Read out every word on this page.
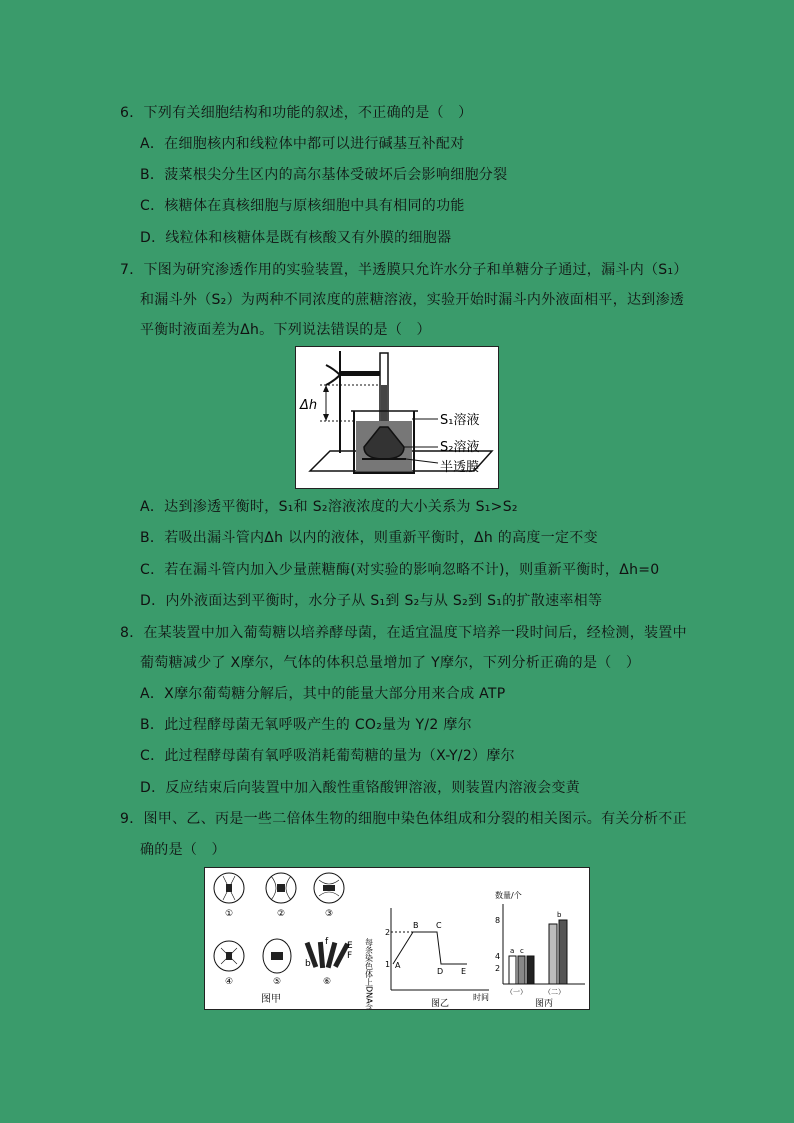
6．下列有关细胞结构和功能的叙述，不正确的是（　）
A．在细胞核内和线粒体中都可以进行碱基互补配对
B．菠菜根尖分生区内的高尔基体受破坏后会影响细胞分裂
C．核糖体在真核细胞与原核细胞中具有相同的功能
D．线粒体和核糖体是既有核酸又有外膜的细胞器
7．下图为研究渗透作用的实验装置，半透膜只允许水分子和单糖分子通过，漏斗内（S₁）
和漏斗外（S₂）为两种不同浓度的蔗糖溶液，实验开始时漏斗内外液面相平，达到渗透
平衡时液面差为Δh。下列说法错误的是（　）
Δh
S₁溶液
S₂溶液
半透膜
A．达到渗透平衡时，S₁和 S₂溶液浓度的大小关系为 S₁>S₂
B．若吸出漏斗管内Δh 以内的液体，则重新平衡时，Δh 的高度一定不变
C．若在漏斗管内加入少量蔗糖酶(对实验的影响忽略不计)，则重新平衡时，Δh=0
D．内外液面达到平衡时，水分子从 S₁到 S₂与从 S₂到 S₁的扩散速率相等
8．在某装置中加入葡萄糖以培养酵母菌，在适宜温度下培养一段时间后，经检测，装置中
葡萄糖减少了 X摩尔，气体的体积总量增加了 Y摩尔，下列分析正确的是（　）
A．X摩尔葡萄糖分解后，其中的能量大部分用来合成 ATP
B．此过程酵母菌无氧呼吸产生的 CO₂量为 Y/2 摩尔
C．此过程酵母菌有氧呼吸消耗葡萄糖的量为（X-Y/2）摩尔
D．反应结束后向装置中加入酸性重铬酸钾溶液，则装置内溶液会变黄
9．图甲、乙、丙是一些二倍体生物的细胞中染色体组成和分裂的相关图示。有关分析不正
确的是（　）
①	②	③
④	⑤	⑥
E
F
b
f
图甲	每条染色体上DNA含量 1
2
A
B C
D E
时间
图乙
数量/个
2
4
8
a c
b
（一） （二）
图丙
